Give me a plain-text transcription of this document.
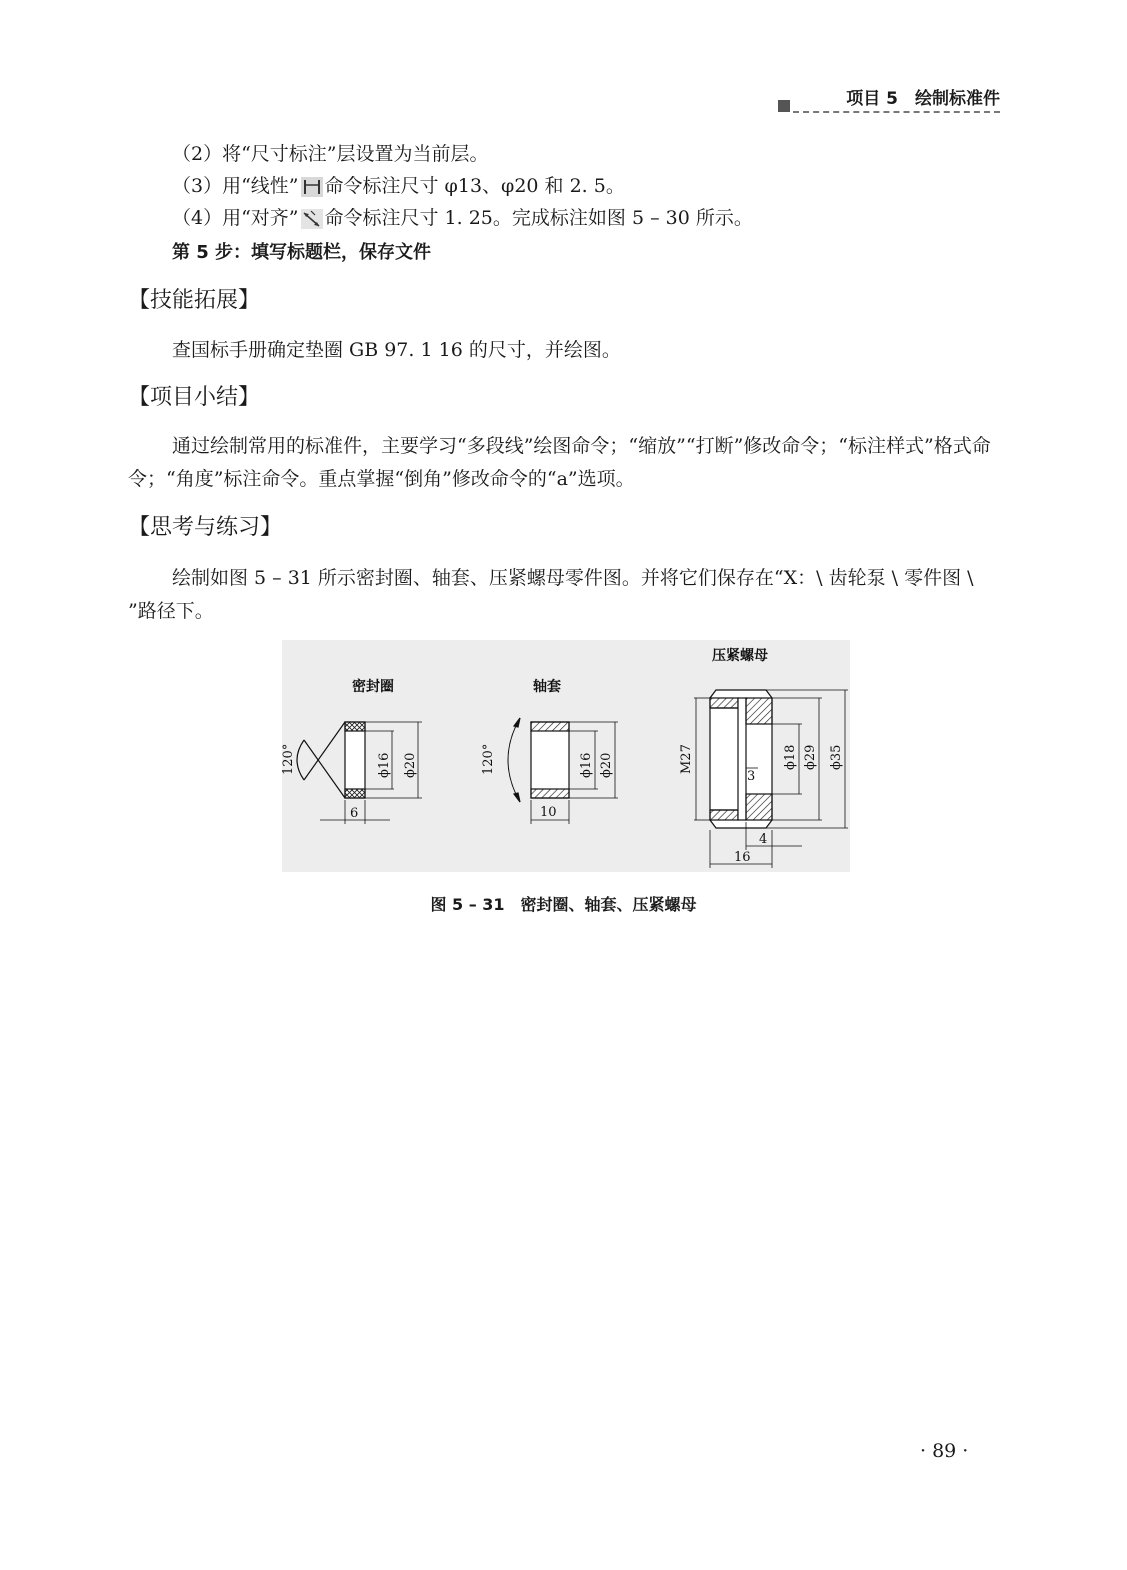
项目 5　绘制标准件
（2）将“尺寸标注”层设置为当前层。
（3）用“线性” 命令标注尺寸 φ13、φ20 和 2. 5。
（4）用“对齐” 命令标注尺寸 1. 25。完成标注如图 5 – 30 所示。
第 5 步：填写标题栏，保存文件
【技能拓展】
查国标手册确定垫圈 GB 97. 1 16 的尺寸，并绘图。
【项目小结】
通过绘制常用的标准件，主要学习“多段线”绘图命令；“缩放”“打断”修改命令；“标注样式”格式命令；“角度”标注命令。重点掌握“倒角”修改命令的“a”选项。
【思考与练习】
绘制如图 5 – 31 所示密封圈、轴套、压紧螺母零件图。并将它们保存在“X：\ 齿轮泵 \ 零件图 \ ”路径下。
密封圈	轴套
压紧螺母
120°	ϕ16 ϕ20
6
120°	ϕ16 ϕ20
10
M27	ϕ18 ϕ29 ϕ35
3
4
16
图 5 – 31　密封圈、轴套、压紧螺母
· 89 ·
